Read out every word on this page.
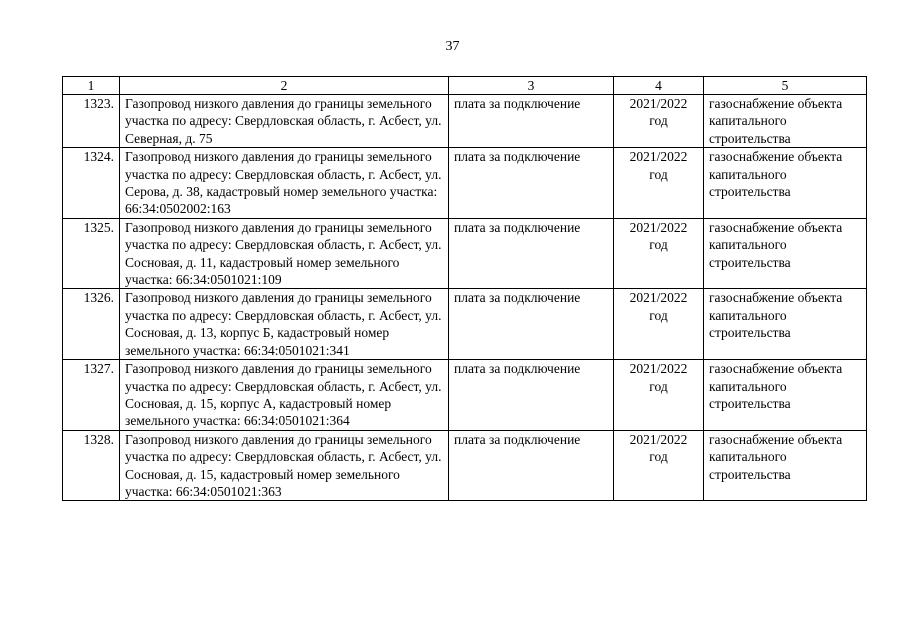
37
1	2	3	4	5
1323.	Газопровод низкого давления до границы земельного участка по адресу: Свердловская область, г. Асбест, ул. Северная, д. 75	плата за подключение	2021/2022 год	газоснабжение объекта капитального строительства
1324.	Газопровод низкого давления до границы земельного участка по адресу: Свердловская область, г. Асбест, ул. Серова, д. 38, кадастровый номер земельного участка: 66:34:0502002:163	плата за подключение	2021/2022 год	газоснабжение объекта капитального строительства
1325.	Газопровод низкого давления до границы земельного участка по адресу: Свердловская область, г. Асбест, ул. Сосновая, д. 11, кадастровый номер земельного участка: 66:34:0501021:109	плата за подключение	2021/2022 год	газоснабжение объекта капитального строительства
1326.	Газопровод низкого давления до границы земельного участка по адресу: Свердловская область, г. Асбест, ул. Сосновая, д. 13, корпус Б, кадастровый номер земельного участка: 66:34:0501021:341	плата за подключение	2021/2022 год	газоснабжение объекта капитального строительства
1327.	Газопровод низкого давления до границы земельного участка по адресу: Свердловская область, г. Асбест, ул. Сосновая, д. 15, корпус А, кадастровый номер земельного участка: 66:34:0501021:364	плата за подключение	2021/2022 год	газоснабжение объекта капитального строительства
1328.	Газопровод низкого давления до границы земельного участка по адресу: Свердловская область, г. Асбест, ул. Сосновая, д. 15, кадастровый номер земельного участка: 66:34:0501021:363	плата за подключение	2021/2022 год	газоснабжение объекта капитального строительства
